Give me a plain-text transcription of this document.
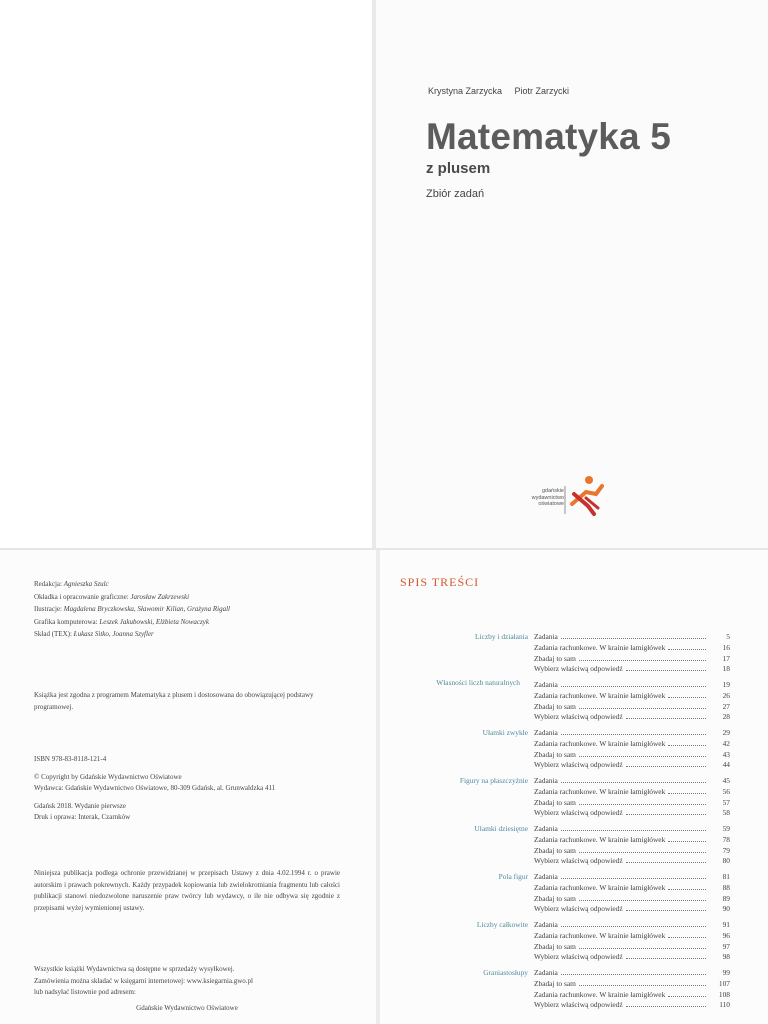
Krystyna Zarzycka Piotr Zarzycki
Matematyka 5
z plusem
Zbiór zadań
gdańskie
wydawnictwo
oświatowe
Redakcja: Agnieszka Szulc
Okładka i opracowanie graficzne: Jarosław Zakrzewski
Ilustracje: Magdalena Bryczkowska, Sławomir Kilian, Grażyna Rigall
Grafika komputerowa: Leszek Jakubowski, Elżbieta Nowaczyk
Skład (TEX): Łukasz Sitko, Joanna Szyfler
Książka jest zgodna z programem Matematyka z plusem i dostosowana do obowiązującej podstawy programowej.
ISBN 978-83-8118-121-4
© Copyright by Gdańskie Wydawnictwo Oświatowe
Wydawca: Gdańskie Wydawnictwo Oświatowe, 80-309 Gdańsk, al. Grunwaldzka 411
Gdańsk 2018. Wydanie pierwsze
Druk i oprawa: Interak, Czarnków
Niniejsza publikacja podlega ochronie przewidzianej w przepisach Ustawy z dnia 4.02.1994 r. o prawie autorskim i prawach pokrewnych. Każdy przypadek kopiowania lub zwielokrotniania fragmentu lub całości publikacji stanowi niedozwolone naruszenie praw twórcy lub wydawcy, o ile nie odbywa się zgodnie z przepisami wyżej wymienionej ustawy.
Wszystkie książki Wydawnictwa są dostępne w sprzedaży wysyłkowej.
Zamówienia można składać w księgarni internetowej: www.ksiegarnia.gwo.pl
lub nadsyłać listownie pod adresem:
Gdańskie Wydawnictwo Oświatowe
SPIS TREŚCI
Liczby i działania Zadania	5
Zadania rachunkowe. W krainie łamigłówek	16
Zbadaj to sam	17
Wybierz właściwą odpowiedź	18
Własności liczb naturalnych Zadania	19
Zadania rachunkowe. W krainie łamigłówek	26
Zbadaj to sam	27
Wybierz właściwą odpowiedź	28
Ułamki zwykłe Zadania	29
Zadania rachunkowe. W krainie łamigłówek	42
Zbadaj to sam	43
Wybierz właściwą odpowiedź	44
Figury na płaszczyźnie Zadania	45
Zadania rachunkowe. W krainie łamigłówek	56
Zbadaj to sam	57
Wybierz właściwą odpowiedź	58
Ułamki dziesiętne Zadania	59
Zadania rachunkowe. W krainie łamigłówek	78
Zbadaj to sam	79
Wybierz właściwą odpowiedź	80
Pola figur Zadania	81
Zadania rachunkowe. W krainie łamigłówek	88
Zbadaj to sam	89
Wybierz właściwą odpowiedź	90
Liczby całkowite Zadania	91
Zadania rachunkowe. W krainie łamigłówek	96
Zbadaj to sam	97
Wybierz właściwą odpowiedź	98
Graniastosłupy Zadania	99
Zbadaj to sam	107
Zadania rachunkowe. W krainie łamigłówek	108
Wybierz właściwą odpowiedź	110
